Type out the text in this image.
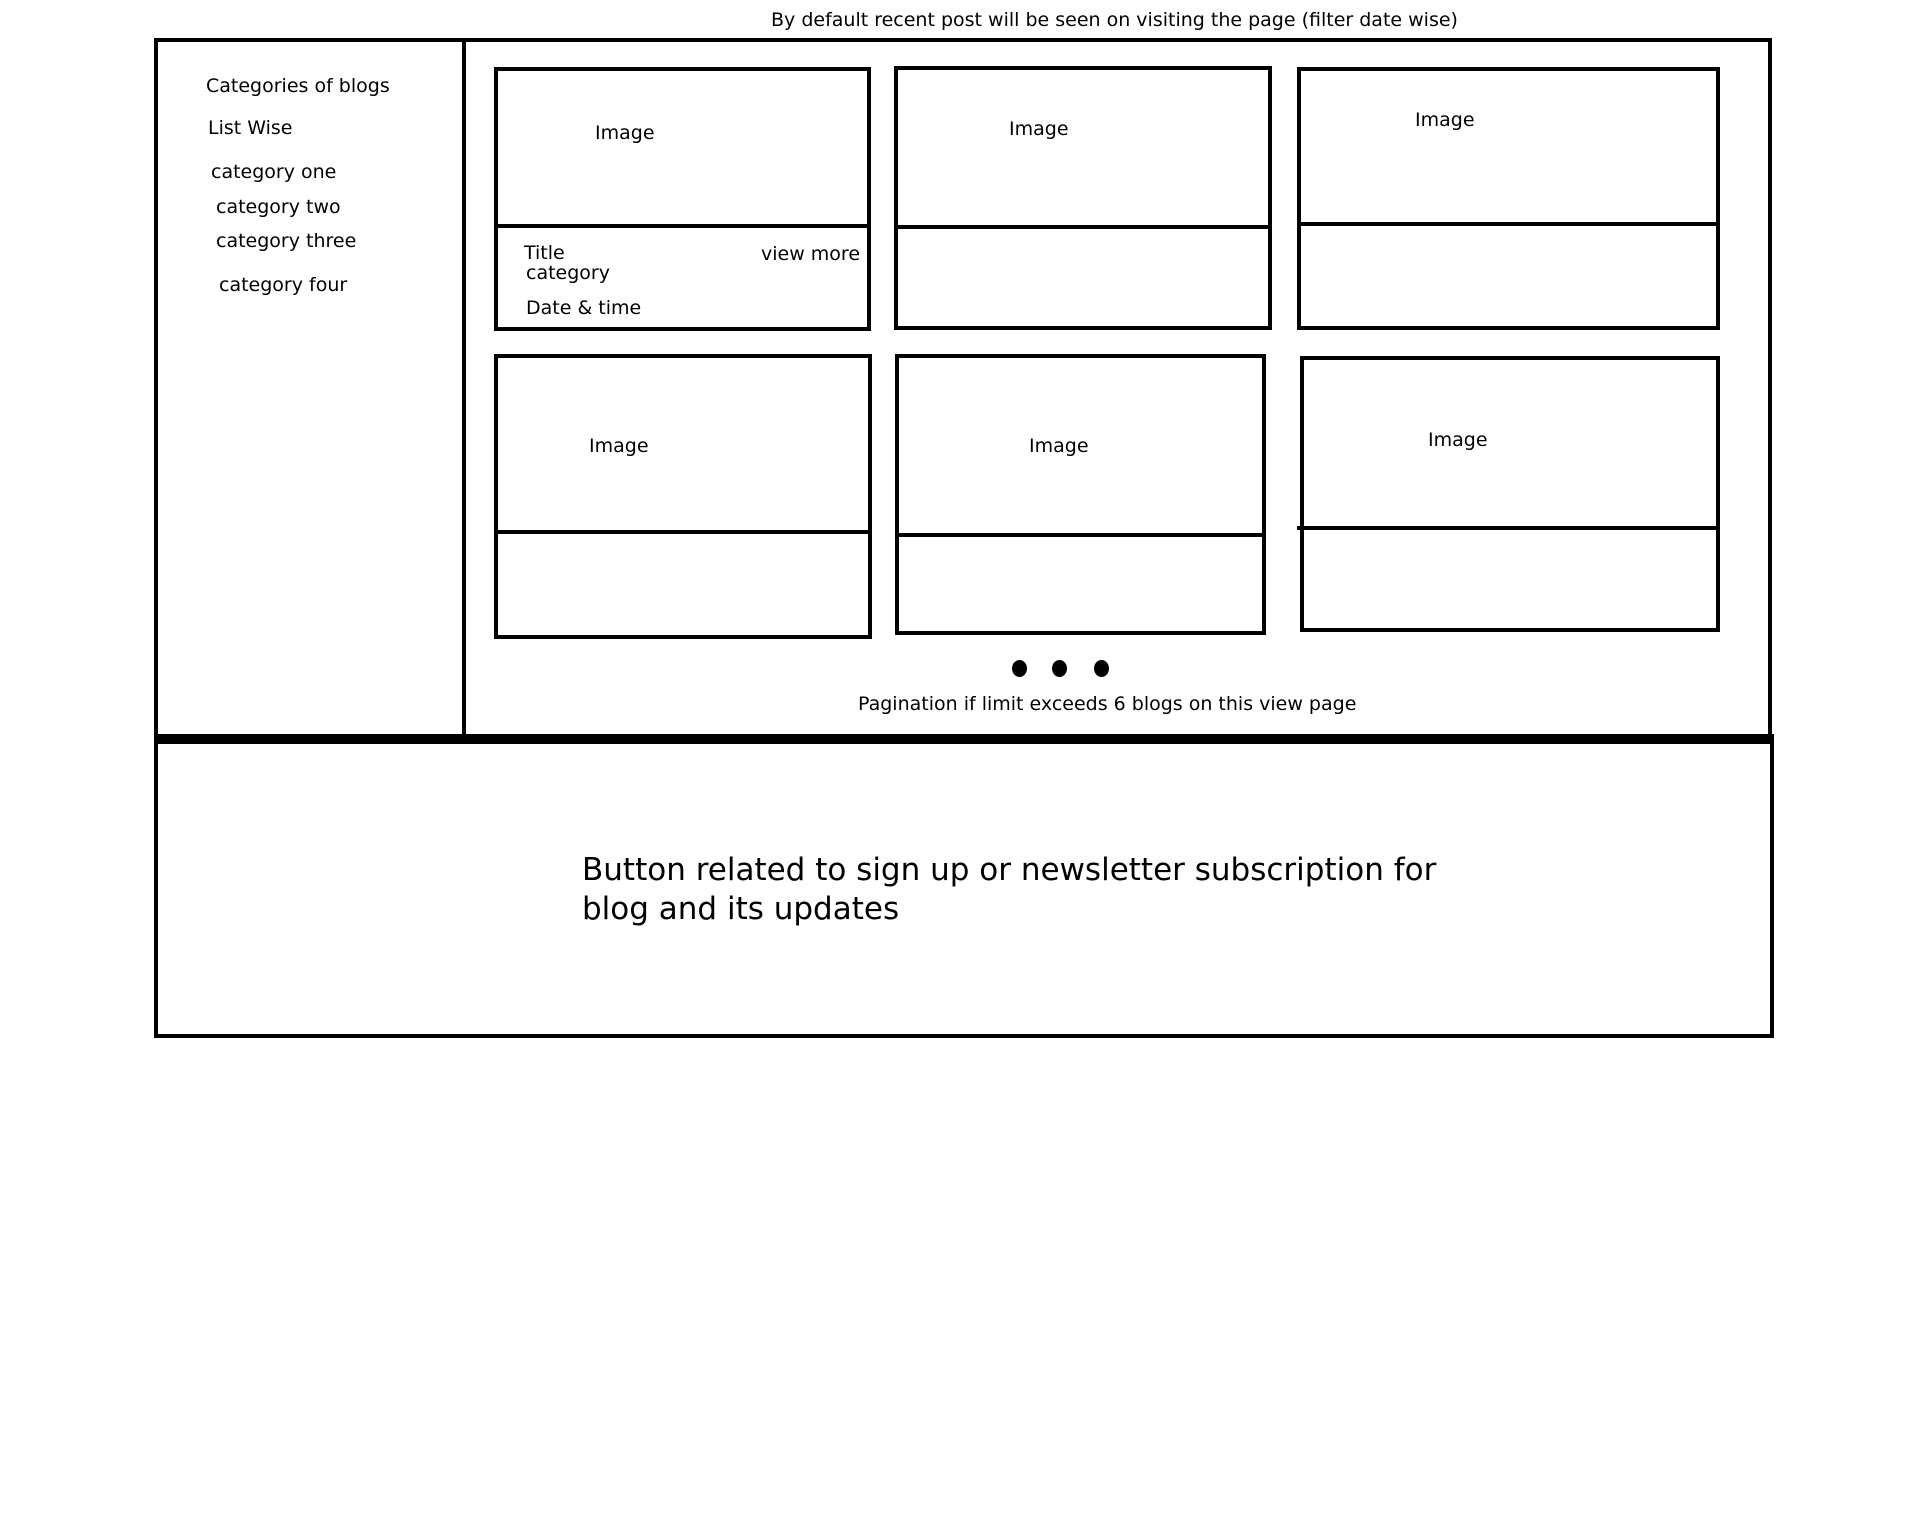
By default recent post will be seen on visiting the page (filter date wise)
Categories of blogs
List Wise
category one
category two
category three
category four
Image
Title
category
Date & time
view more
Image	Image
Image	Image	Image
Pagination if limit exceeds 6 blogs on this view page
Button related to sign up or newsletter subscription for blog and its updates
